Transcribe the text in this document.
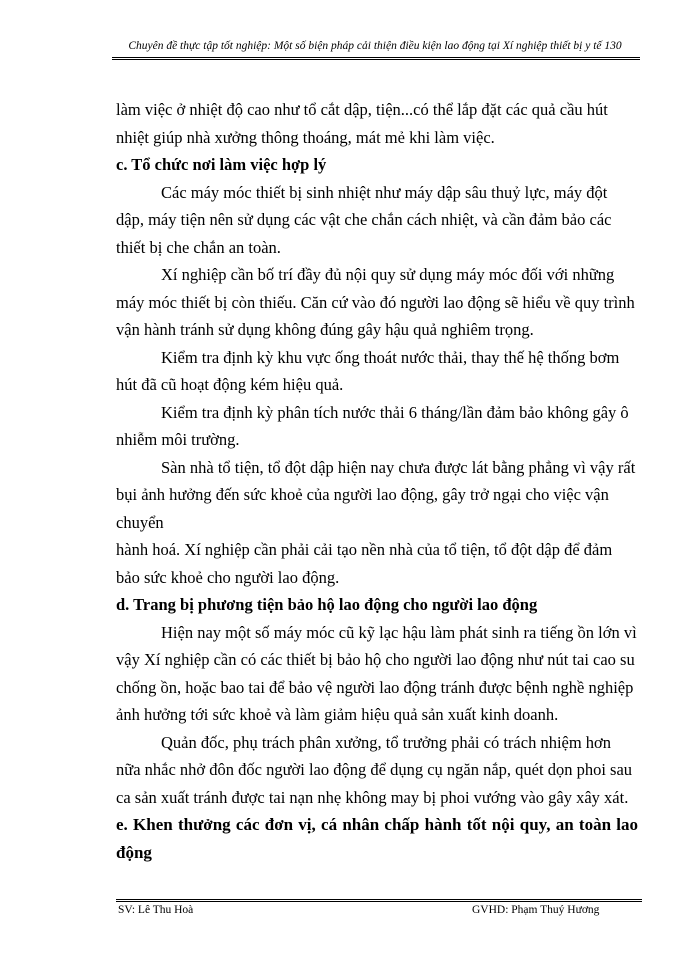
Chuyên đề thực tập tốt nghiệp: Một số biện pháp cải thiện điều kiện lao động tại Xí nghiệp thiết bị y tế 130

làm việc ở nhiệt độ cao như tổ cắt dập, tiện...có thể lắp đặt các quả cầu hút nhiệt giúp nhà xưởng thông thoáng, mát mẻ khi làm việc.

c. Tổ chức nơi làm việc hợp lý

Các máy móc thiết bị sinh nhiệt như máy dập sâu thuỷ lực, máy đột dập, máy tiện nên sử dụng các vật che chắn cách nhiệt, và cần đảm bảo các thiết bị che chắn an toàn.

Xí nghiệp cần bố trí đầy đủ nội quy sử dụng máy móc đối với những máy móc thiết bị còn thiếu. Căn cứ vào đó người lao động sẽ hiểu về quy trình vận hành tránh sử dụng không đúng gây hậu quả nghiêm trọng.

Kiểm tra định kỳ khu vực ống thoát nước thải, thay thế hệ thống bơm hút đã cũ hoạt động kém hiệu quả.

Kiểm tra định kỳ phân tích nước thải 6 tháng/lần đảm bảo không gây ô nhiễm môi trường.

Sàn nhà tổ tiện, tổ đột dập hiện nay chưa được lát bằng phẳng vì vậy rất bụi ảnh hưởng đến sức khoẻ của người lao động, gây trở ngại cho việc vận chuyển

hành hoá. Xí nghiệp cần phải cải tạo nền nhà của tổ tiện, tổ đột dập để đảm bảo sức khoẻ cho người lao động.

d. Trang bị phương tiện bảo hộ lao động cho người lao động

Hiện nay một số máy móc cũ kỹ lạc hậu làm phát sinh ra tiếng ồn lớn vì vậy Xí nghiệp cần có các thiết bị bảo hộ cho người lao động như nút tai cao su chống ồn, hoặc bao tai để bảo vệ người lao động tránh được bệnh nghề nghiệp ảnh hưởng tới sức khoẻ và làm giảm hiệu quả sản xuất kinh doanh.

Quản đốc, phụ trách phân xưởng, tổ trưởng phải có trách nhiệm hơn nữa nhắc nhở đôn đốc người lao động để dụng cụ ngăn nắp, quét dọn phoi sau ca sản xuất tránh được tai nạn nhẹ không may bị phoi vướng vào gây xây xát.

e. Khen thưởng các đơn vị, cá nhân chấp hành tốt nội quy, an toàn lao động
SV: Lê Thu Hoà	GVHD: Phạm Thuý Hương
